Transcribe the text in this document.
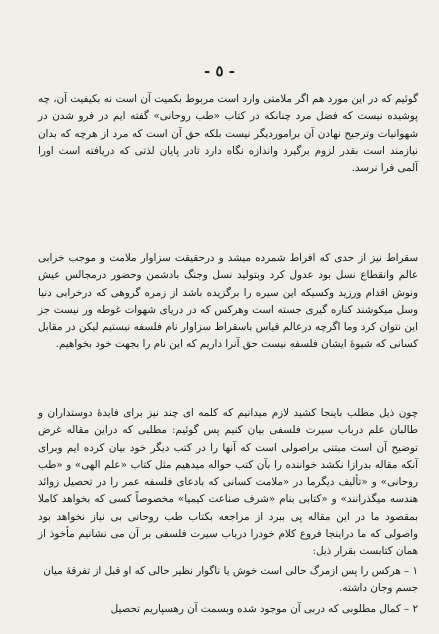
- ٥ -

گوئیم که در این مورد هم اگر ملامتی وارد است مربوط بکمیت آن است نه بکیفیت آن، چه پوشیده نیست که فضل مرد چنانکه در کتاب «طب روحانی» گفته ایم در فرو شدن در شهوانیات وترجیح نهادن آن براموردیگر نیست بلکه حق آن است که مرد از هرچه که بدان نیازمند است بقدر لزوم برگیرد واندازه نگاه دارد تادر پایان لذتی که دریافته است اورا آلمی فرا نرسد.

سقراط نیز از حدی که افراط شمرده میشد و درحقیقت سزاوار ملامت و موجب خرابی عالم وانقطاع نسل بود عدول کرد وبتولید نسل وجنگ بادشمن وحضور درمجالس عیش ونوش اقدام ورزید وکسیکه این سیره را برگزیده باشد از زمره گروهی که درخرابی دنیا وسل میکوشند کناره گیری جسته است وهرکس که در دریای شهوات غوطه ور نیست جز این نتوان کرد وما اگرچه درعالم قیاس باسقراط سزاوار نام فلسفه نیستیم لیکن در مقابل کسانی که شیوهٔ ایشان فلسفه نیست حق آنرا داریم که این نام را بجهت خود بخواهیم.

چون ذیل مطلب باینجا کشید لازم میدانیم که کلمه ای چند نیز برای فایدهٔ دوستداران و طالبان علم درباب سیرت فلسفی بیان کنیم پس گوئیم: مطلبی که دراین مقاله غرض توضیح آن است مبتنی براصولی است که آنها را در کتب دیگر خود بیان کرده ایم وبرای آنکه مقاله بدرازا نکشد خواننده را بآن کتب حواله میدهیم مثل کتاب «علم الهی» و «طب روحانی» و «تألیف دیگرما در «ملامت کسانی که بادعای فلسفه عمر را در تحصیل زوائد هندسه میگذرانند» و «کتابی بنام «شرف صناعت کیمیا» مخصوصاً کسی که بخواهد کاملا بمقصود ما در این مقاله پی ببرد از مراجعه بکتاب طب روحانی بی نیاز نخواهد بود واصولی که ما دراینجا فروع کلام خودرا درباب سیرت فلسفی بر آن می نشانیم مأخوذ از همان کتابست بقرار ذیل:

۱ – هرکس را پس ازمرگ حالی است خوش یا ناگوار نظیر حالی که او قبل از تفرقهٔ میان جسم وجان داشته.

۲ – کمال مطلوبی که دربی آن موجود شده وبسمت آن رهسپاریم تحصیل
